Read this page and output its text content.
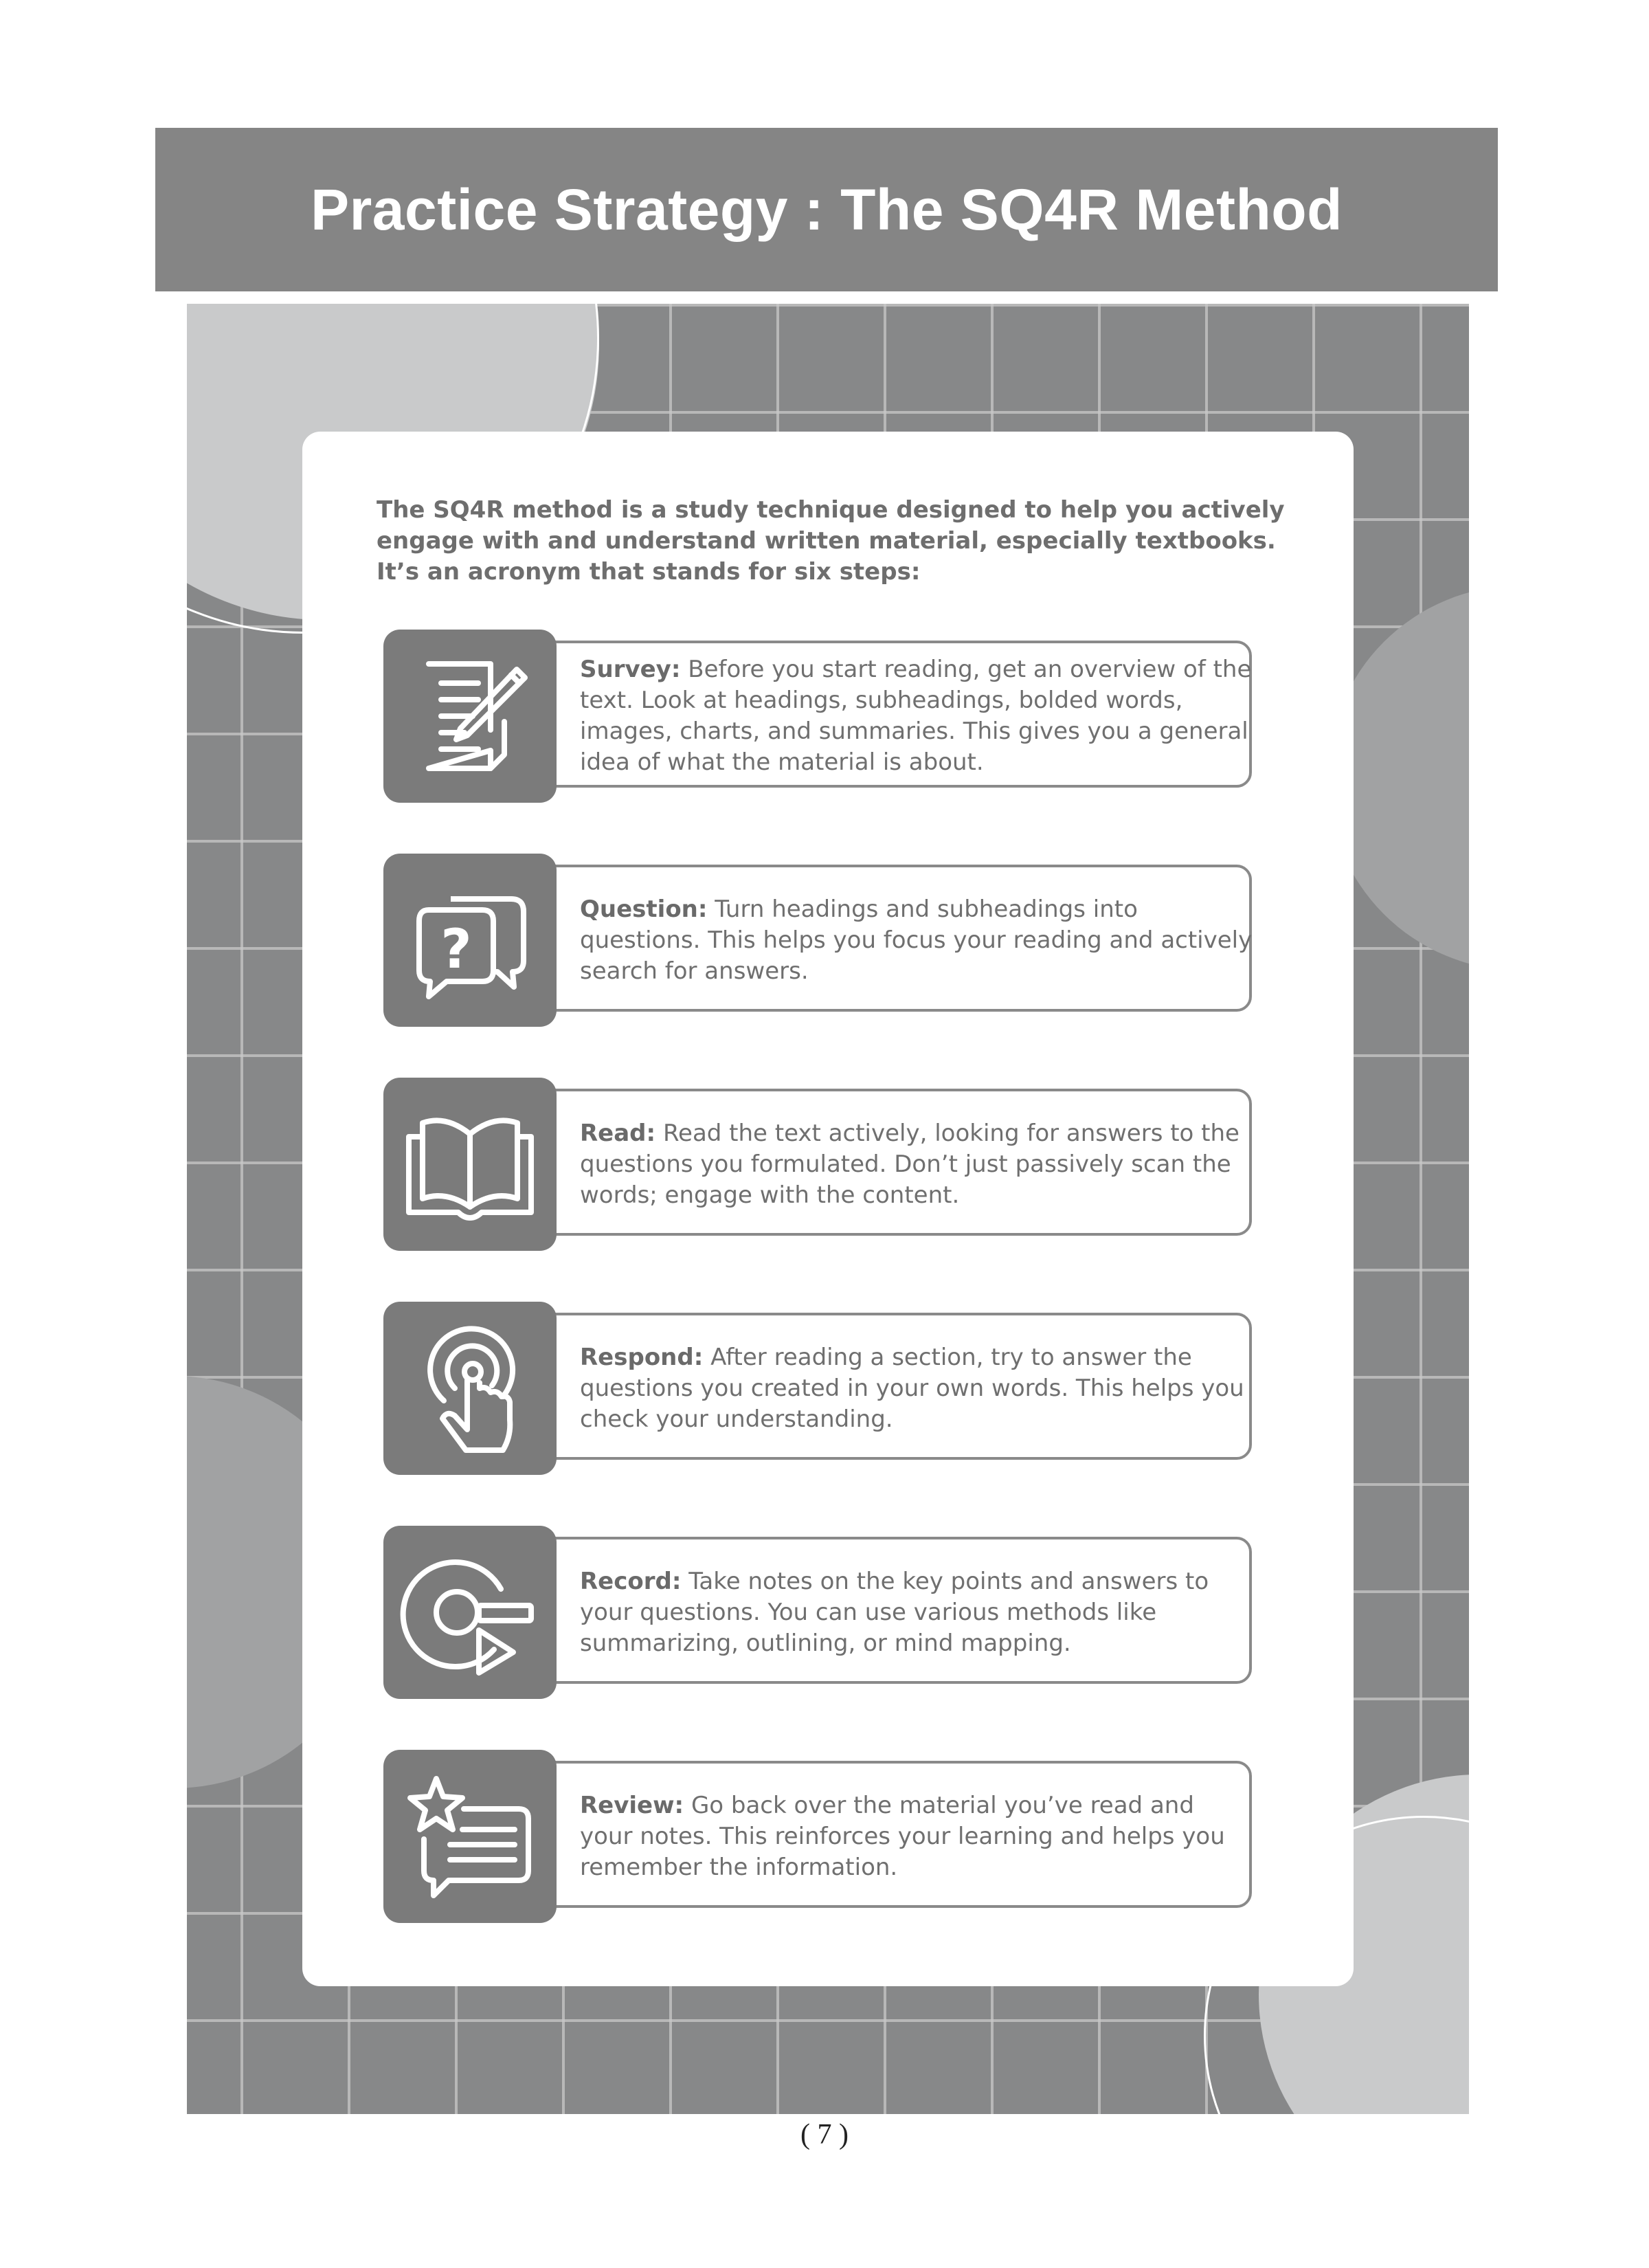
Practice Strategy : The SQ4R Method

The SQ4R method is a study technique designed to help you actively engage with and understand written material, especially textbooks. It’s an acronym that stands for six steps:

Survey: Before you start reading, get an overview of the text. Look at headings, subheadings, bolded words, images, charts, and summaries. This gives you a general idea of what the material is about.
?
Question: Turn headings and subheadings into questions. This helps you focus your reading and actively search for answers.
Read: Read the text actively, looking for answers to the questions you formulated. Don’t just passively scan the words; engage with the content.
Respond: After reading a section, try to answer the questions you created in your own words. This helps you check your understanding.
Record: Take notes on the key points and answers to your questions. You can use various methods like summarizing, outlining, or mind mapping.
Review: Go back over the material you’ve read and your notes. This reinforces your learning and helps you remember the information.
( 7 )
